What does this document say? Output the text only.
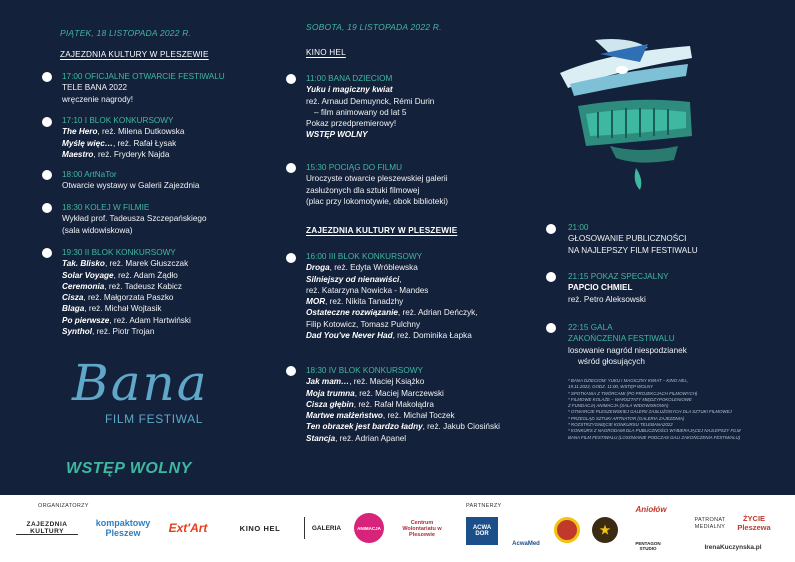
PIĄTEK, 18 LISTOPADA 2022 R.
ZAJEZDNIA KULTURY W PLESZEWIE
17:00 OFICJALNE OTWARCIE FESTIWALU
TELE BANA 2022
wręczenie nagrody!
17:10 I BLOK KONKURSOWY
The Hero, reż. Milena Dutkowska
Myślę więc…, reż. Rafał Łysak
Maestro, reż. Fryderyk Najda
18:00 ArtNaTor
Otwarcie wystawy w Galerii Zajezdnia
18:30 KOLEJ W FILMIE
Wykład prof. Tadeusza Szczepańskiego
(sala widowiskowa)
19:30 II BLOK KONKURSOWY
Tak. Blisko, reż. Marek Głuszczak
Solar Voyage, reż. Adam Żądło
Ceremonia, reż. Tadeusz Kabicz
Cisza, reż. Małgorzata Paszko
Blaga, reż. Michał Wojtasik
Po pierwsze, reż. Adam Hartwiński
Synthol, reż. Piotr Trojan
Bana
FILM FESTIWAL
WSTĘP WOLNY
SOBOTA, 19 LISTOPADA 2022 R.
KINO HEL
11:00 BANA DZIECIOM
Yuku i magiczny kwiat
reż. Arnaud Demuynck, Rémi Durin
– film animowany od lat 5
Pokaz przedpremierowy!
WSTĘP WOLNY
15:30 POCIĄG DO FILMU
Uroczyste otwarcie pleszewskiej galerii
zasłużonych dla sztuki filmowej
(plac przy lokomotywie, obok biblioteki)
ZAJEZDNIA KULTURY W PLESZEWIE
16:00 III BLOK KONKURSOWY
Droga, reż. Edyta Wróblewska
Silniejszy od nienawiści,
reż. Katarzyna Nowicka - Mandes
MOR, reż. Nikita Tanadzhy
Ostateczne rozwiązanie, reż. Adrian Deńczyk,
Filip Kotowicz, Tomasz Pulchny
Dad You've Never Had, reż. Dominika Łapka
18:30 IV BLOK KONKURSOWY
Jak mam…, reż. Maciej Książko
Moja trumna, reż. Maciej Marczewski
Cisza głębin, reż. Rafał Makołądra
Martwe małżeństwo, reż. Michał Toczek
Ten obrazek jest bardzo ładny, reż. Jakub Ciosiński
Stancja, reż. Adrian Apanel
21:00
GŁOSOWANIE PUBLICZNOŚCI
NA NAJLEPSZY FILM FESTIWALU
21:15 POKAZ SPECJALNY
PAPCIO CHMIEL
reż. Petro Aleksowski
22:15 GALA
ZAKOŃCZENIA FESTIWALU
losowanie nagród niespodzianek
wśród głosujących
* BANA DZIECIOM: YUKU I MAGICZNY KWIAT – KINO HEL,
19.11.2022, GODZ. 11:00, WSTĘP WOLNY
* SPOTKANIA Z TWÓRCAMI (PO PROJEKCJACH FILMOWYCH)
* FILMOWE KOLAŻE – WARSZTATY MIĘDZYPOKOLENIOWE
Z FUNDACJĄ ANIMACJA (SALA WIDOWISKOWA)
* OTWARCIE PLESZEWSKIEJ GALERII ZASŁUŻONYCH DLA SZTUKI FILMOWEJ
* PRZEGLĄD SZTUKI ARTNATOR (GALERIA ZAJEZDNIA)
* ROZSTRZYGNIĘCIE KONKURSU TELEBANA2022
* KONKURS Z NAGRODAMI DLA PUBLICZNOŚCI WYBIERAJĄCEJ NAJLEPSZY FILM
BANA FILM FESTIWALU (LOSOWANIE PODCZAS GALI ZAKOŃCZENIA FESTIWALU)
ORGANIZATORZY	PARTNERZY
PATRONAT MEDIALNY
ZAJEZDNIA KULTURY
kompaktowy Pleszew	Ext'Art	KINO HEL	GALERIA	ANIMACJA
Centrum Wolontariatu w Pleszewie
ACWA DOR
AcwaMed
★
PENTAGON STUDIO
Aniołów
ŻYCIE Pleszewa
IrenaKuczynska.pl
